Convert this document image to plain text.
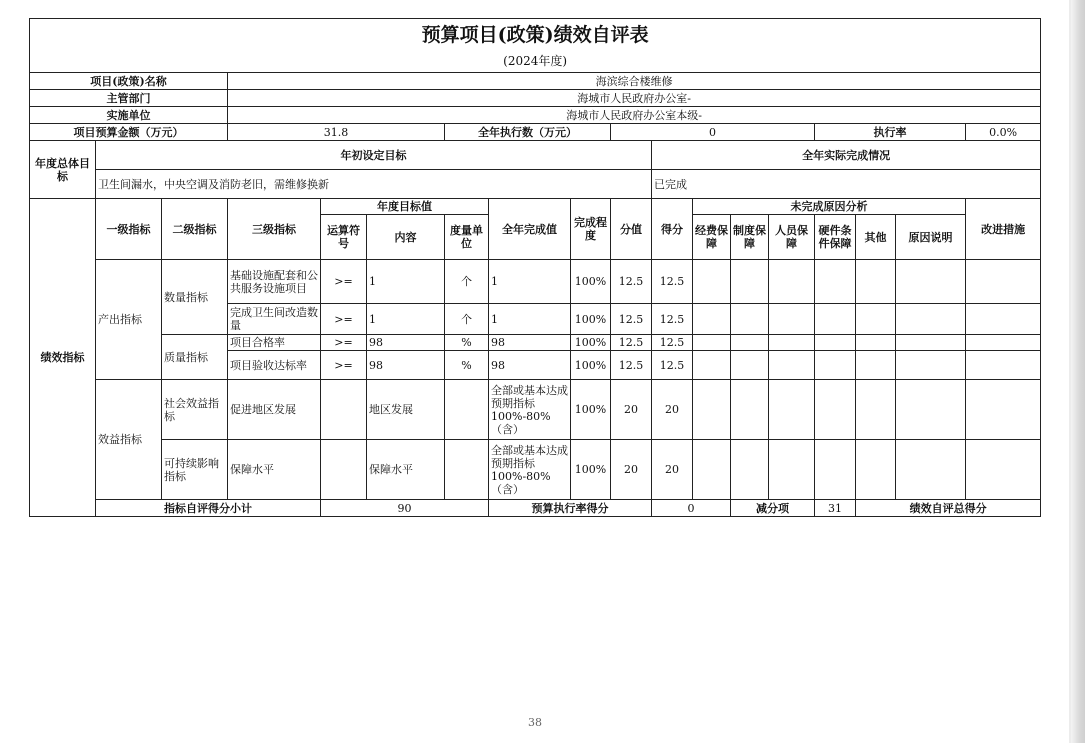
预算项目(政策)绩效自评表																		
(2024年度)																		
项目(政策)名称			海滨综合楼维修															
主管部门			海城市人民政府办公室-															
实施单位			海城市人民政府办公室本级-															
项目预算金额（万元）			31.8			全年执行数（万元）			0					执行率			0.0%	
年度总体目标	年初设定目标									全年实际完成情况								
	卫生间漏水，中央空调及消防老旧，需维修换新									已完成								
绩效指标	一级指标	二级指标	三级指标	年度目标值			全年完成值	完成程度	分值	得分	未完成原因分析						改进措施	
				运算符号	内容	度量单位					经费保障	制度保障	人员保障	硬件条件保障	其他	原因说明		
	产出指标	数量指标	基础设施配套和公共服务设施项目	>=	1	个	1	100%	12.5	12.5								
			完成卫生间改造数量	>=	1	个	1	100%	12.5	12.5								
		质量指标	项目合格率	>=	98	%	98	100%	12.5	12.5								
			项目验收达标率	>=	98	%	98	100%	12.5	12.5								
	效益指标	社会效益指标	促进地区发展		地区发展		全部或基本达成预期指标100%-80%（含）	100%	20	20								
		可持续影响指标	保障水平		保障水平		全部或基本达成预期指标100%-80%（含）	100%	20	20								
	指标自评得分小计			90			预算执行率得分			0		减分项		31	绩效自评总得分	
38
